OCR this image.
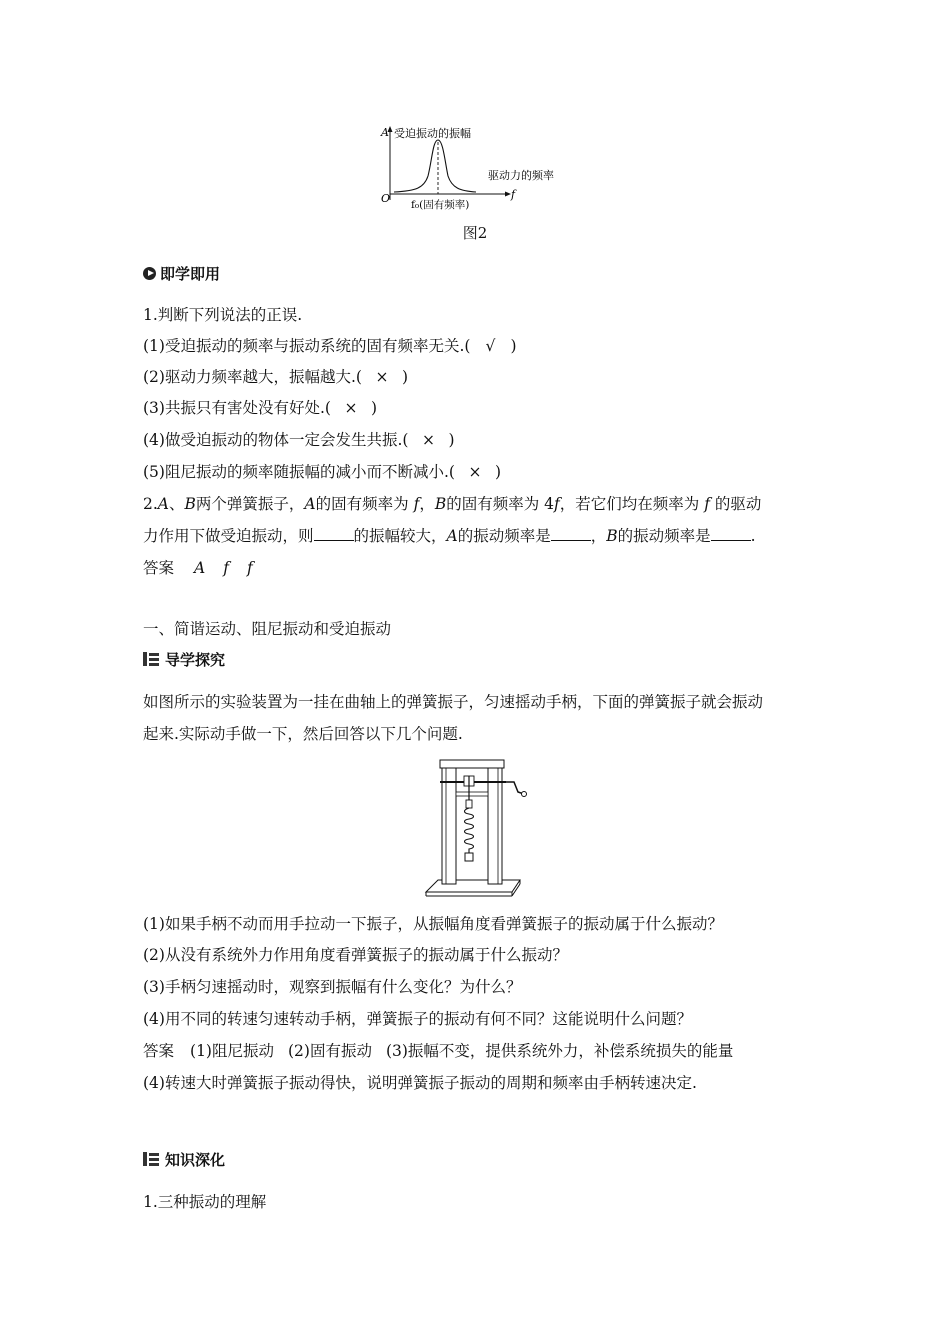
A 受迫振动的振幅
驱动力的频率
O	f
f₀(固有频率)
图2
即学即用
1.判断下列说法的正误.
(1)受迫振动的频率与振动系统的固有频率无关.( √ )
(2)驱动力频率越大，振幅越大.( × )
(3)共振只有害处没有好处.( × )
(4)做受迫振动的物体一定会发生共振.( × )
(5)阻尼振动的频率随振幅的减小而不断减小.( × )
2.A、B两个弹簧振子，A的固有频率为 f，B的固有频率为 4f，若它们均在频率为 f 的驱动
力作用下做受迫振动，则	的振幅较大，A的振动频率是	，B的振动频率是	.
答案 A f f
一、简谐运动、阻尼振动和受迫振动
导学探究
如图所示的实验装置为一挂在曲轴上的弹簧振子，匀速摇动手柄，下面的弹簧振子就会振动
起来.实际动手做一下，然后回答以下几个问题.
(1)如果手柄不动而用手拉动一下振子，从振幅角度看弹簧振子的振动属于什么振动？
(2)从没有系统外力作用角度看弹簧振子的振动属于什么振动？
(3)手柄匀速摇动时，观察到振幅有什么变化？为什么？
(4)用不同的转速匀速转动手柄，弹簧振子的振动有何不同？这能说明什么问题？
答案 (1)阻尼振动 (2)固有振动 (3)振幅不变，提供系统外力，补偿系统损失的能量
(4)转速大时弹簧振子振动得快，说明弹簧振子振动的周期和频率由手柄转速决定.
知识深化
1.三种振动的理解
